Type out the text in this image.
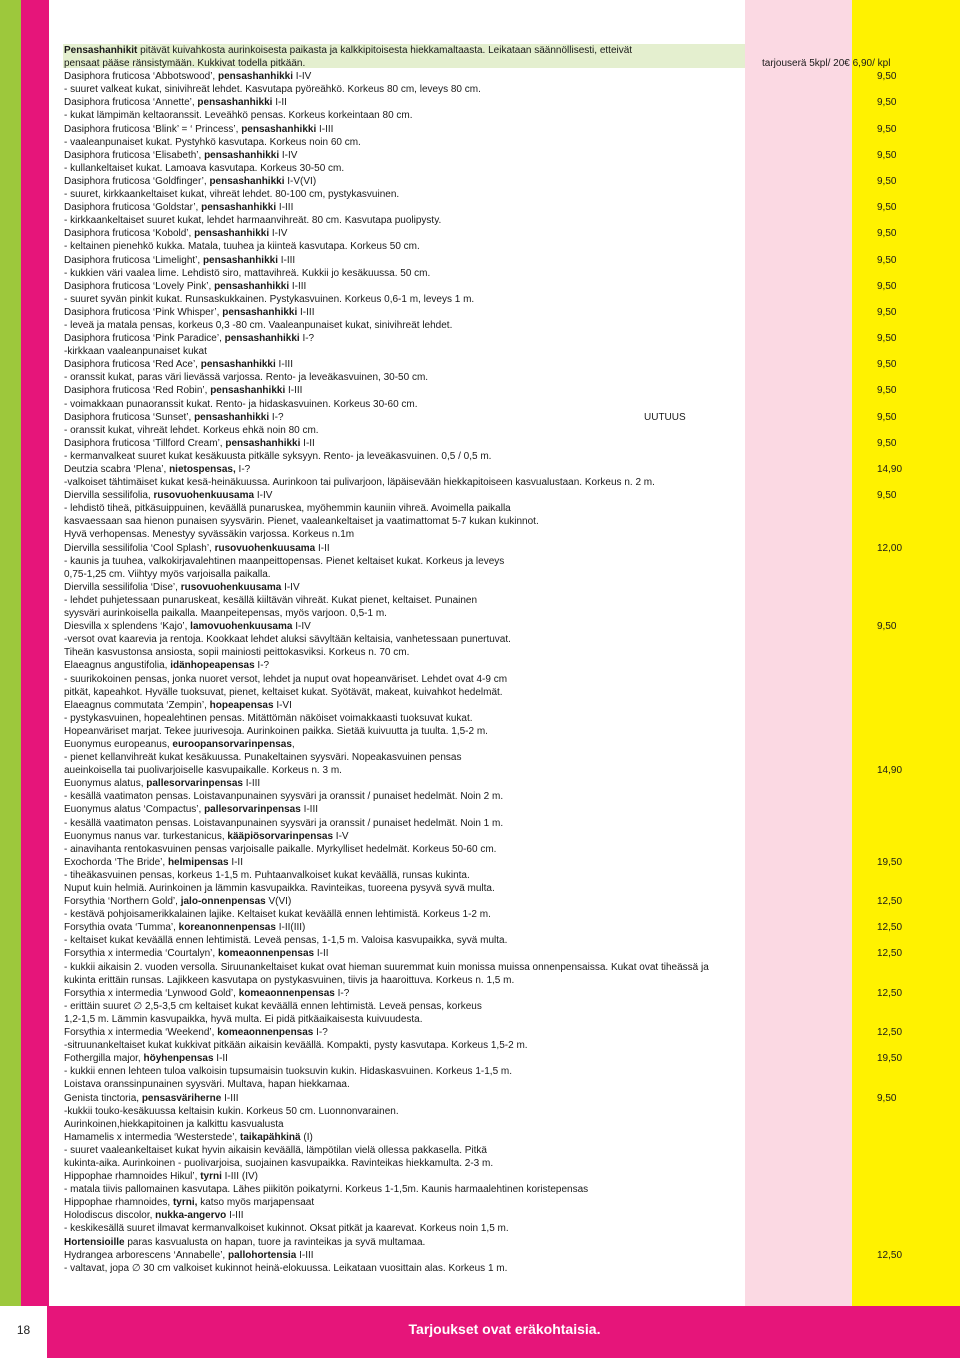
Pensashanhikit pitävät kuivahkosta aurinkoisesta paikasta ja kalkkipitoisesta hiekkamaltaasta. Leikataan säännöllisesti, etteivät
pensaat pääse ränsistymään. Kukkivat todella pitkään.	tarjouserä 5kpl/ 20€ 6,90/ kpl
Dasiphora fruticosa ‘Abbotswood’, pensashanhikki I-IV	9,50
- suuret valkeat kukat, sinivihreät lehdet. Kasvutapa pyöreähkö. Korkeus 80 cm, leveys 80 cm.
Dasiphora fruticosa ‘Annette’, pensashanhikki I-II	9,50
- kukat lämpimän keltaoranssit. Leveähkö pensas. Korkeus korkeintaan 80 cm.
Dasiphora fruticosa ‘Blink’ = ‘ Princess’, pensashanhikki I-III	9,50
- vaaleanpunaiset kukat. Pystyhkö kasvutapa. Korkeus noin 60 cm.
Dasiphora fruticosa ‘Elisabeth’, pensashanhikki I-IV	9,50
- kullankeltaiset kukat. Lamoava kasvutapa. Korkeus 30-50 cm.
Dasiphora fruticosa ‘Goldfinger’, pensashanhikki I-V(VI)	9,50
- suuret, kirkkaankeltaiset kukat, vihreät lehdet. 80-100 cm, pystykasvuinen.
Dasiphora fruticosa ‘Goldstar’, pensashanhikki I-III	9,50
- kirkkaankeltaiset suuret kukat, lehdet harmaanvihreät. 80 cm. Kasvutapa puolipysty.
Dasiphora fruticosa ‘Kobold’, pensashanhikki I-IV	9,50
- keltainen pienehkö kukka. Matala, tuuhea ja kiinteä kasvutapa. Korkeus 50 cm.
Dasiphora fruticosa ‘Limelight’, pensashanhikki I-III	9,50
- kukkien väri vaalea lime. Lehdistö siro, mattavihreä. Kukkii jo kesäkuussa. 50 cm.
Dasiphora fruticosa ‘Lovely Pink’, pensashanhikki I-III	9,50
- suuret syvän pinkit kukat. Runsaskukkainen. Pystykasvuinen. Korkeus 0,6-1 m, leveys 1 m.
Dasiphora fruticosa ‘Pink Whisper’, pensashanhikki I-III	9,50
- leveä ja matala pensas, korkeus 0,3 -80 cm. Vaaleanpunaiset kukat, sinivihreät lehdet.
Dasiphora fruticosa ‘Pink Paradice’, pensashanhikki I-?	9,50
-kirkkaan vaaleanpunaiset kukat
Dasiphora fruticosa ‘Red Ace’, pensashanhikki I-III	9,50
- oranssit kukat, paras väri lievässä varjossa. Rento- ja leveäkasvuinen, 30-50 cm.
Dasiphora fruticosa ‘Red Robin’, pensashanhikki I-III	9,50
- voimakkaan punaoranssit kukat. Rento- ja hidaskasvuinen. Korkeus 30-60 cm.
Dasiphora fruticosa ‘Sunset’, pensashanhikki I-?	UUTUUS	9,50
- oranssit kukat, vihreät lehdet. Korkeus ehkä noin 80 cm.
Dasiphora fruticosa ‘Tillford Cream’, pensashanhikki I-II	9,50
- kermanvalkeat suuret kukat kesäkuusta pitkälle syksyyn. Rento- ja leveäkasvuinen. 0,5 / 0,5 m.
Deutzia scabra ‘Plena’, nietospensas, I-?	14,90
-valkoiset tähtimäiset kukat kesä-heinäkuussa. Aurinkoon tai pulivarjoon, läpäisevään hiekkapitoiseen kasvualustaan. Korkeus n. 2 m.
Diervilla sessilifolia, rusovuohenkuusama I-IV	9,50
- lehdistö tiheä, pitkäsuippuinen, keväällä punaruskea, myöhemmin kauniin vihreä. Avoimella paikalla
kasvaessaan saa hienon punaisen syysvärin. Pienet, vaaleankeltaiset ja vaatimattomat 5-7 kukan kukinnot.
Hyvä verhopensas. Menestyy syvässäkin varjossa. Korkeus n.1m
Diervilla sessilifolia ‘Cool Splash’, rusovuohenkuusama I-II	12,00
- kaunis ja tuuhea, valkokirjavalehtinen maanpeittopensas. Pienet keltaiset kukat. Korkeus ja leveys
0,75-1,25 cm. Viihtyy myös varjoisalla paikalla.
Diervilla sessilifolia ‘Dise’, rusovuohenkuusama I-IV
- lehdet puhjetessaan punaruskeat, kesällä kiiltävän vihreät. Kukat pienet, keltaiset. Punainen
syysväri aurinkoisella paikalla. Maanpeitepensas, myös varjoon. 0,5-1 m.
Diesvilla x splendens ‘Kajo’, lamovuohenkuusama I-IV	9,50
-versot ovat kaarevia ja rentoja. Kookkaat lehdet aluksi sävyltään keltaisia, vanhetessaan punertuvat.
Tiheän kasvustonsa ansiosta, sopii mainiosti peittokasviksi. Korkeus n. 70 cm.
Elaeagnus angustifolia, idänhopeapensas I-?
- suurikokoinen pensas, jonka nuoret versot, lehdet ja nuput ovat hopeanväriset. Lehdet ovat 4-9 cm
pitkät, kapeahkot. Hyvälle tuoksuvat, pienet, keltaiset kukat. Syötävät, makeat, kuivahkot hedelmät.
Elaeagnus commutata ‘Zempin’, hopeapensas I-VI
- pystykasvuinen, hopealehtinen pensas. Mitättömän näköiset voimakkaasti tuoksuvat kukat.
Hopeanväriset marjat. Tekee juurivesoja. Aurinkoinen paikka. Sietää kuivuutta ja tuulta. 1,5-2 m.
Euonymus europeanus, euroopansorvarinpensas,
- pienet kellanvihreät kukat kesäkuussa. Punakeltainen syysväri. Nopeakasvuinen pensas
aueinkoisella tai puolivarjoiselle kasvupaikalle. Korkeus n. 3 m.	14,90
Euonymus alatus, pallesorvarinpensas I-III
- kesällä vaatimaton pensas. Loistavanpunainen syysväri ja oranssit / punaiset hedelmät. Noin 2 m.
Euonymus alatus ‘Compactus’, pallesorvarinpensas I-III
- kesällä vaatimaton pensas. Loistavanpunainen syysväri ja oranssit / punaiset hedelmät. Noin 1 m.
Euonymus nanus var. turkestanicus, kääpiösorvarinpensas I-V
- ainavihanta rentokasvuinen pensas varjoisalle paikalle. Myrkylliset hedelmät. Korkeus 50-60 cm.
Exochorda ‘The Bride’, helmipensas I-II	19,50
- tiheäkasvuinen pensas, korkeus 1-1,5 m. Puhtaanvalkoiset kukat keväällä, runsas kukinta.
Nuput kuin helmiä. Aurinkoinen ja lämmin kasvupaikka. Ravinteikas, tuoreena pysyvä syvä multa.
Forsythia ‘Northern Gold’, jalo-onnenpensas V(VI)	12,50
- kestävä pohjoisamerikkalainen lajike. Keltaiset kukat keväällä ennen lehtimistä. Korkeus 1-2 m.
Forsythia ovata ‘Tumma’, koreanonnenpensas I-II(III)	12,50
- keltaiset kukat keväällä ennen lehtimistä. Leveä pensas, 1-1,5 m. Valoisa kasvupaikka, syvä multa.
Forsythia x intermedia ‘Courtalyn’, komeaonnenpensas I-II	12,50
- kukkii aikaisin 2. vuoden versolla. Siruunankeltaiset kukat ovat hieman suuremmat kuin monissa muissa onnenpensaissa. Kukat ovat tiheässä ja
kukinta erittäin runsas. Lajikkeen kasvutapa on pystykasvuinen, tiivis ja haaroittuva. Korkeus n. 1,5 m.
Forsythia x intermedia ‘Lynwood Gold’, komeaonnenpensas I-?	12,50
- erittäin suuret ∅ 2,5-3,5 cm keltaiset kukat keväällä ennen lehtimistä. Leveä pensas, korkeus
1,2-1,5 m. Lämmin kasvupaikka, hyvä multa. Ei pidä pitkäaikaisesta kuivuudesta.
Forsythia x intermedia ‘Weekend’, komeaonnenpensas I-?	12,50
-sitruunankeltaiset kukat kukkivat pitkään aikaisin keväällä. Kompakti, pysty kasvutapa. Korkeus 1,5-2 m.
Fothergilla major, höyhenpensas I-II	19,50
- kukkii ennen lehteen tuloa valkoisin tupsumaisin tuoksuvin kukin. Hidaskasvuinen. Korkeus 1-1,5 m.
Loistava oranssinpunainen syysväri. Multava, hapan hiekkamaa.
Genista tinctoria, pensasväriherne I-III	9,50
-kukkii touko-kesäkuussa keltaisin kukin. Korkeus 50 cm. Luonnonvarainen.
Aurinkoinen,hiekkapitoinen ja kalkittu kasvualusta
Hamamelis x intermedia ‘Westerstede’, taikapähkinä (I)
- suuret vaaleankeltaiset kukat hyvin aikaisin keväällä, lämpötilan vielä ollessa pakkasella. Pitkä
kukinta-aika. Aurinkoinen - puolivarjoisa, suojainen kasvupaikka. Ravinteikas hiekkamulta. 2-3 m.
Hippophae rhamnoides Hikul’, tyrni I-III (IV)
- matala tiivis pallomainen kasvutapa. Lähes piikitön poikatyrni. Korkeus 1-1,5m. Kaunis harmaalehtinen koristepensas
Hippophae rhamnoides, tyrni, katso myös marjapensaat
Holodiscus discolor, nukka-angervo I-III
- keskikesällä suuret ilmavat kermanvalkoiset kukinnot. Oksat pitkät ja kaarevat. Korkeus noin 1,5 m.
Hortensioille paras kasvualusta on hapan, tuore ja ravinteikas ja syvä multamaa.
Hydrangea arborescens ‘Annabelle’, pallohortensia I-III	12,50
- valtavat, jopa ∅ 30 cm valkoiset kukinnot heinä-elokuussa. Leikataan vuosittain alas. Korkeus 1 m.
18	Tarjoukset ovat eräkohtaisia.
